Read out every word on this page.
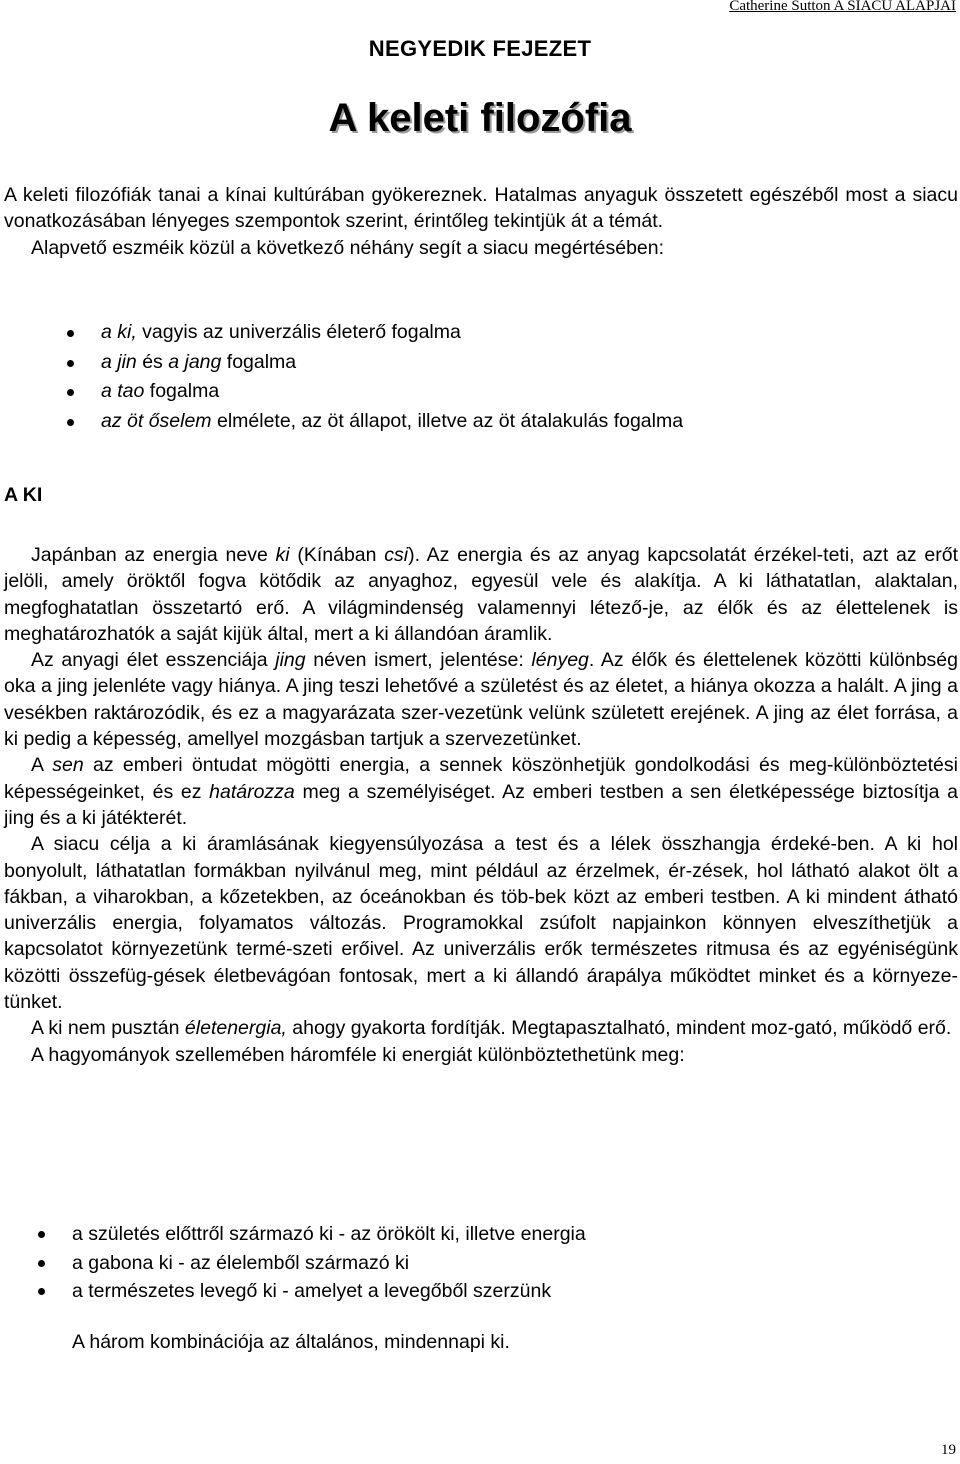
Catherine Sutton A SIACU ALAPJAI
NEGYEDIK FEJEZET
A keleti filozófia
A keleti filozófiák tanai a kínai kultúrában gyökereznek. Hatalmas anyaguk összetett egészéből most a siacu vonatkozásában lényeges szempontok szerint, érintőleg tekintjük át a témát.
Alapvető eszméik közül a következő néhány segít a siacu megértésében:
a ki, vagyis az univerzális életerő fogalma
a jin és a jang fogalma
a tao fogalma
az öt őselem elmélete, az öt állapot, illetve az öt átalakulás fogalma
A KI
Japánban az energia neve ki (Kínában csi). Az energia és az anyag kapcsolatát érzékel-teti, azt az erőt jelöli, amely öröktől fogva kötődik az anyaghoz, egyesül vele és alakítja. A ki láthatatlan, alaktalan, megfoghatatlan összetartó erő. A világmindenség valamennyi létező-je, az élők és az élettelenek is meghatározhatók a saját kijük által, mert a ki állandóan áramlik.
Az anyagi élet esszenciája jing néven ismert, jelentése: lényeg. Az élők és élettelenek közötti különbség oka a jing jelenléte vagy hiánya. A jing teszi lehetővé a születést és az életet, a hiánya okozza a halált. A jing a vesékben raktározódik, és ez a magyarázata szer-vezetünk velünk született erejének. A jing az élet forrása, a ki pedig a képesség, amellyel mozgásban tartjuk a szervezetünket.
A sen az emberi öntudat mögötti energia, a sennek köszönhetjük gondolkodási és meg-különböztetési képességeinket, és ez határozza meg a személyiséget. Az emberi testben a sen életképessége biztosítja a jing és a ki játékterét.
A siacu célja a ki áramlásának kiegyensúlyozása a test és a lélek összhangja érdeké-ben. A ki hol bonyolult, láthatatlan formákban nyilvánul meg, mint például az érzelmek, ér-zések, hol látható alakot ölt a fákban, a viharokban, a kőzetekben, az óceánokban és töb-bek közt az emberi testben. A ki mindent átható univerzális energia, folyamatos változás. Programokkal zsúfolt napjainkon könnyen elveszíthetjük a kapcsolatot környezetünk termé-szeti erőivel. Az univerzális erők természetes ritmusa és az egyéniségünk közötti összefüg-gések életbevágóan fontosak, mert a ki állandó árapálya működtet minket és a környeze-tünket.
A ki nem pusztán életenergia, ahogy gyakorta fordítják. Megtapasztalható, mindent moz-gató, működő erő.
A hagyományok szellemében háromféle ki energiát különböztethetünk meg:
a születés előttről származó ki - az örökölt ki, illetve energia
a gabona ki - az élelemből származó ki
a természetes levegő ki - amelyet a levegőből szerzünk
A három kombinációja az általános, mindennapi ki.
19
